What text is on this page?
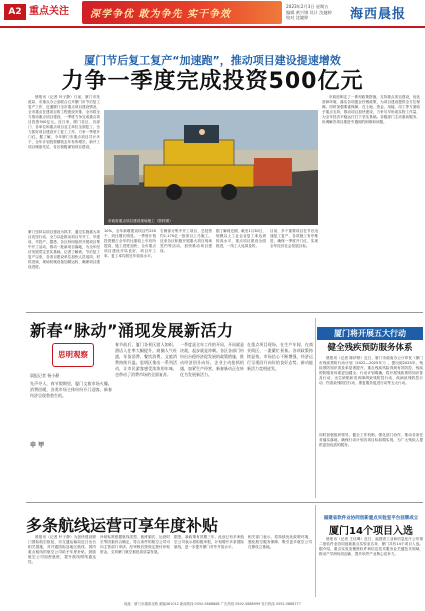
A2 重点关注 深学争优 敢为争先 实干争效
2023年2月3日 星期五
编辑 黄兴锦 设计 沈婕婷
校对 沈婕婷	海西晨报
厦门节后复工复产“加速跑”，推动项目建设提速增效
力争一季度完成投资500亿元
晨报讯（记者 叶子静）日前，厦门市发改局、市重点办公室联合召开厦门市节后复工复产工作，近通厦门全市重点项目建设情况，全市重点在建项目的工程建设安排，全市将全力推动重点项目建设，一季度力争完成重点项目投资500亿元。近日来，厦门各区、各部门、各单位和重点项目业主单位全面复工，全力抓好项目建设开工复工工作，力争一季度开门红。据了解，今年厦门市重点项目共计多个，全年计划投资额较去年有所增长，新开工项目储备充足，各区积极谋划项目建设。
厦门坚持以项目建设为抓手，通过实施重大项目攻坚行动，全力以赴推动项目早开工、早建设、早投产。据悉，各区纷纷组织开展项目集中开工活动，推动一批新项目落地，为全年经济发展奠定坚实基础。记者了解到，节后复工复产以来，各项目建设单位加快人员返岗、材料进场，现场机械设备加紧运转，确保项目建设进度。
市政府制定了一系列政策措施，支持重点项目建设，优化营商环境，落实各项惠企纾困政策，为项目建设提供全方位保障。同时加强要素保障，在土地、资金、用能、用工等方面给予重点支持，推动项目加快建设，力争尽早形成实物工作量，为全年经济平稳运行打下坚实基础。各级部门主动靠前服务，协调解决项目推进中遇到的困难和问题。
市政府重点项目建设现场施工（资料图）
10%，全年新增建设项目约250个，同比增长明显。一季度计划投资额占全年的比重较上年有所提高，施工进度加快，全市重点项目建设开局良好，项目开工率、复工率均居近年较高水平。
右侧部分集中开工项目、总投资约1,170亿一批项目上马施工。近来各区积极开展重大项目现场签约等活动，加快推动项目建设。
据了解到近期，截至1月30日，规模以上工业企业复工率达到较高水平，重点项目建设全面推进，一线工人返岗及时。
目前，多个重要项目在节后迅速复工复产，各项施工有序推进，确保一季度开门红，实现全年经济社会发展目标。
新春“脉动”涌现发展新活力
思明观察
晨报记者 杨小静
先声夺人，春节假期里，厦门文旅市场火爆，消费回暖，各类市场主体纷纷开门迎客，新春经济呈现勃勃生机。
春节前后，厦门各景区游人如织，酒店入住率大幅提升，商圈人气旺盛，年货消费、餐饮消费、文旅消费持续升温。思明区推出一系列活动，让市民游客感受浓浓的年味，也带动了消费市场的全面复苏。
一季度是全年工作的开局，开局就是决战，起步就是冲刺。各区各部门纷纷出台稳经济促发展的政策措施，推动经济回升向好。企业主动抢抓机遇，加紧生产经营，新春脉动正在转化为发展新活力。
在重点项目现场、在生产车间、在商业街区，一派繁忙景象。各项政策持续显效，市场信心不断增强，经济运行呈现回升向好的良好态势，新动能新活力竞相迸发。
申 甲
厦门将开展五大行动
健全残疾预防服务体系
晨报讯（记者 陈伊婷）近日，厦门市政府办公厅印发《厦门市残疾预防行动计划（2022—2025年）》，提出到2025年，残疾预防知识普及率显著提升，重点残疾风险得到有效防控，残疾预防服务体系更加健全。行动计划明确，将开展残疾预防知识普及行动、出生缺陷和发育障碍致残防控行动、疾病致残防控行动、伤害致残防控行动、康复服务促进行动等五大行动。
同时加强组织领导，健全工作机制，强化部门协作，推动各项任务落实落地，确保行动计划各项目标如期实现，为广大残疾人提供更加优质的服务。
多条航线运营可享年度补贴
晨报讯（记者 叶子静）为加快建设厦门国际航空枢纽，市交通运输局近日出台相关措施，对开通国际及地区航线、国内重点航线的航空公司给予年度补贴，鼓励航空公司加密航班，提升航线网络通达性。
补贴标准根据航线类型、航班频次、运营时长等因素综合确定，符合条件的航空公司可向主管部门申请，经审核后按规定拨付补贴资金，支持厦门航空枢纽高质量发展。
据悉，新政策有效期三年，此前已有多家航空公司表示将积极申报，计划增开多条国际航线，进一步提升厦门对外开放水平。
相关部门表示，将持续优化政策环境，强化航空服务保障，吸引更多航空公司在厦设立基地。
福建省软件业协同创新重点实验室平台挂牌成立
厦门14个项目入选
晨报讯（记者 王佳琳）近日，福建省工业和信息化厅公布第二批软件业协同创新重点实验室名单，厦门共有14个项目入选。据介绍，重点实验室聚焦软件和信息技术服务业关键技术领域，推动产学研协同创新，提升软件产业核心竞争力。
地址：厦门市湖滨北路 邮编361012 新闻热线 0592-5888888 广告热线 0592-5888999 发行热线 0592-5888777
